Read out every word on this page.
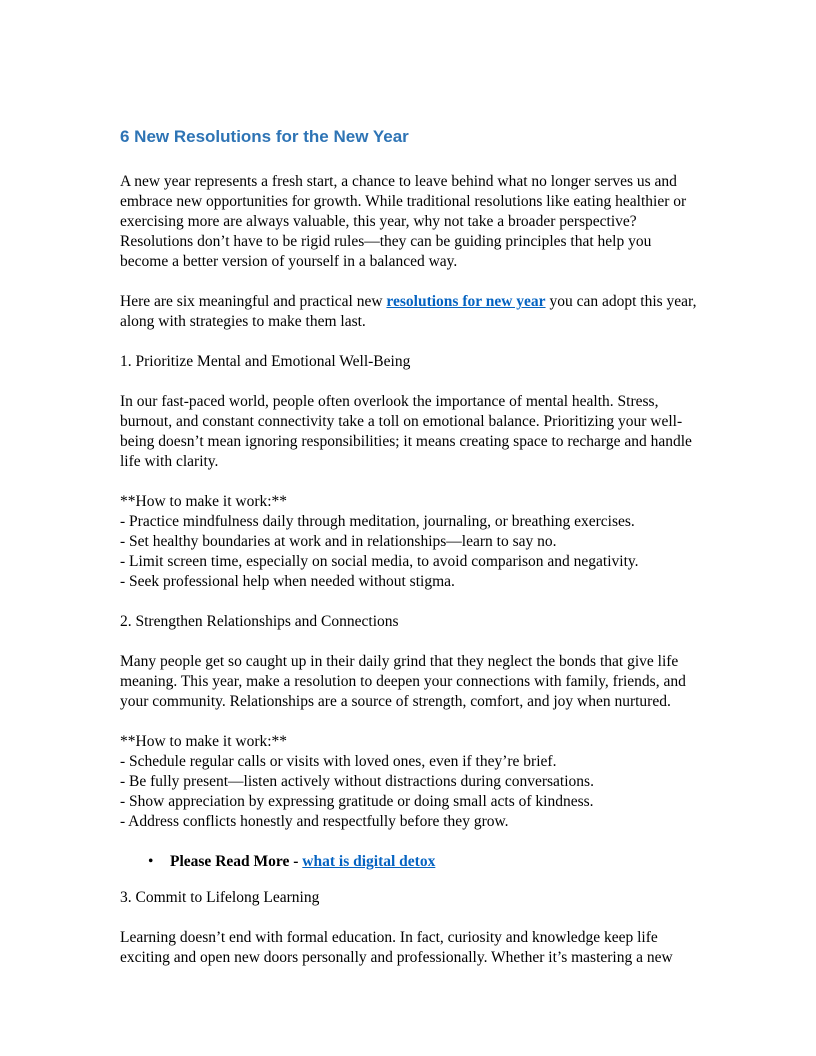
6 New Resolutions for the New Year

A new year represents a fresh start, a chance to leave behind what no longer serves us and embrace new opportunities for growth. While traditional resolutions like eating healthier or exercising more are always valuable, this year, why not take a broader perspective? Resolutions don’t have to be rigid rules—they can be guiding principles that help you become a better version of yourself in a balanced way.

Here are six meaningful and practical new resolutions for new year you can adopt this year, along with strategies to make them last.

1. Prioritize Mental and Emotional Well-Being

In our fast-paced world, people often overlook the importance of mental health. Stress, burnout, and constant connectivity take a toll on emotional balance. Prioritizing your well-being doesn’t mean ignoring responsibilities; it means creating space to recharge and handle life with clarity.

**How to make it work:**

- Practice mindfulness daily through meditation, journaling, or breathing exercises.

- Set healthy boundaries at work and in relationships—learn to say no.

- Limit screen time, especially on social media, to avoid comparison and negativity.

- Seek professional help when needed without stigma.

2. Strengthen Relationships and Connections

Many people get so caught up in their daily grind that they neglect the bonds that give life meaning. This year, make a resolution to deepen your connections with family, friends, and your community. Relationships are a source of strength, comfort, and joy when nurtured.

**How to make it work:**

- Schedule regular calls or visits with loved ones, even if they’re brief.

- Be fully present—listen actively without distractions during conversations.

- Show appreciation by expressing gratitude or doing small acts of kindness.

- Address conflicts honestly and respectfully before they grow.

• Please Read More - what is digital detox

3. Commit to Lifelong Learning

Learning doesn’t end with formal education. In fact, curiosity and knowledge keep life exciting and open new doors personally and professionally. Whether it’s mastering a new
